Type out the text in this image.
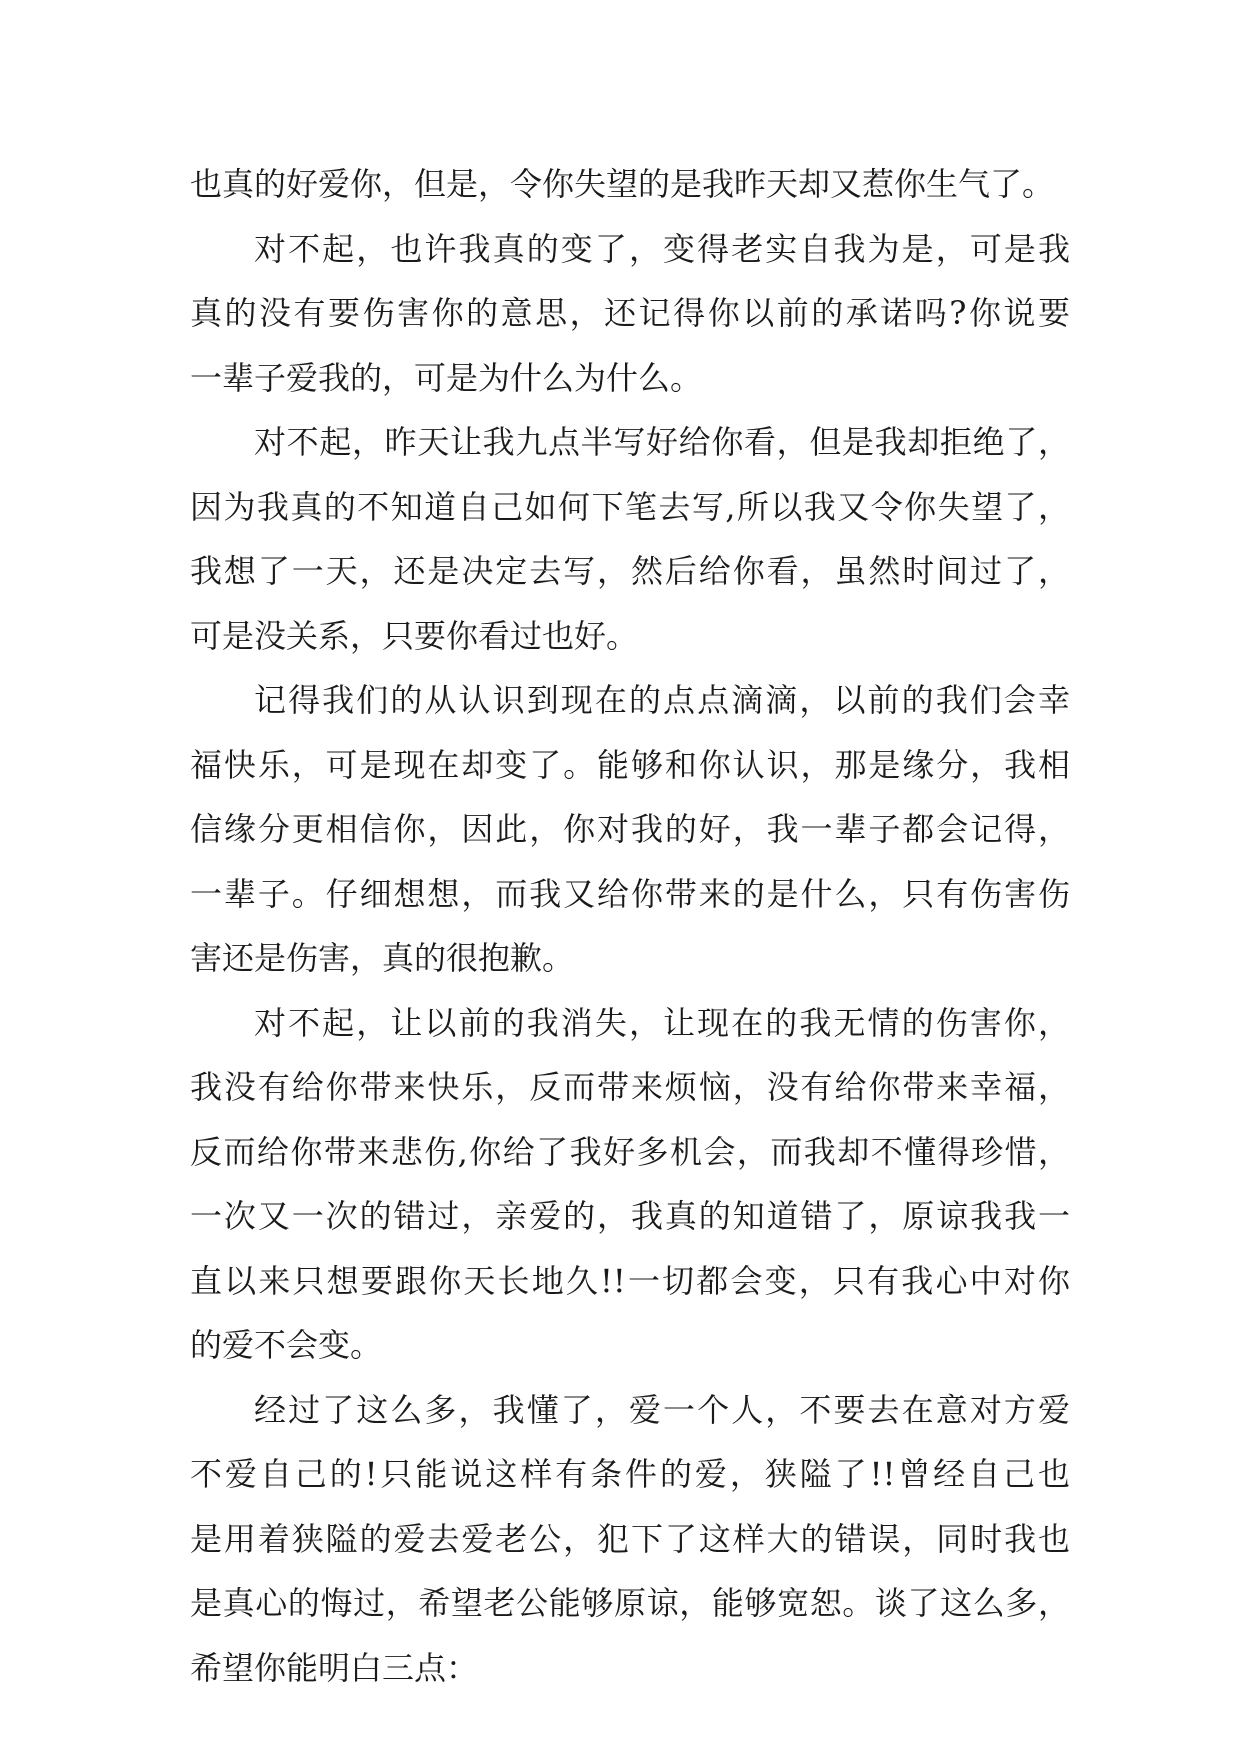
也真的好爱你，但是，令你失望的是我昨天却又惹你生气了。
对不起，也许我真的变了，变得老实自我为是，可是我
真的没有要伤害你的意思，还记得你以前的承诺吗?你说要
一辈子爱我的，可是为什么为什么。
对不起，昨天让我九点半写好给你看，但是我却拒绝了，
因为我真的不知道自己如何下笔去写,所以我又令你失望了，
我想了一天，还是决定去写，然后给你看，虽然时间过了，
可是没关系，只要你看过也好。
记得我们的从认识到现在的点点滴滴，以前的我们会幸
福快乐，可是现在却变了。能够和你认识，那是缘分，我相
信缘分更相信你，因此，你对我的好，我一辈子都会记得，
一辈子。仔细想想，而我又给你带来的是什么，只有伤害伤
害还是伤害，真的很抱歉。
对不起，让以前的我消失，让现在的我无情的伤害你，
我没有给你带来快乐，反而带来烦恼，没有给你带来幸福，
反而给你带来悲伤,你给了我好多机会，而我却不懂得珍惜，
一次又一次的错过，亲爱的，我真的知道错了，原谅我我一
直以来只想要跟你天长地久!!一切都会变，只有我心中对你
的爱不会变。
经过了这么多，我懂了，爱一个人，不要去在意对方爱
不爱自己的!只能说这样有条件的爱，狭隘了!!曾经自己也
是用着狭隘的爱去爱老公，犯下了这样大的错误，同时我也
是真心的悔过，希望老公能够原谅，能够宽恕。谈了这么多，
希望你能明白三点：
